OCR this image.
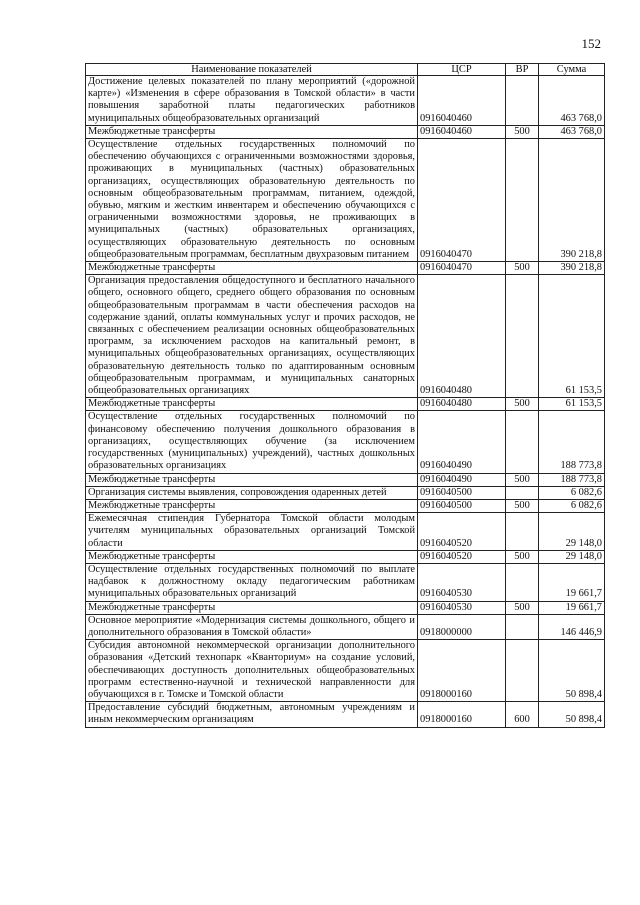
152
Наименование показателей	ЦСР	ВР	Сумма
Достижение целевых показателей по плану мероприятий («дорожной карте») «Изменения в сфере образования в Томской области» в части повышения заработной платы педагогических работников муниципальных общеобразовательных организаций	0916040460		463 768,0
Межбюджетные трансферты	0916040460	500	463 768,0
Осуществление отдельных государственных полномочий по обеспечению обучающихся с ограниченными возможностями здоровья, проживающих в муниципальных (частных) образовательных организациях, осуществляющих образовательную деятельность по основным общеобразовательным программам, питанием, одеждой, обувью, мягким и жестким инвентарем и обеспечению обучающихся с ограниченными возможностями здоровья, не проживающих в муниципальных (частных) образовательных организациях, осуществляющих образовательную деятельность по основным общеобразовательным программам, бесплатным двухразовым питанием	0916040470		390 218,8
Межбюджетные трансферты	0916040470	500	390 218,8
Организация предоставления общедоступного и бесплатного начального общего, основного общего, среднего общего образования по основным общеобразовательным программам в части обеспечения расходов на содержание зданий, оплаты коммунальных услуг и прочих расходов, не связанных с обеспечением реализации основных общеобразовательных программ, за исключением расходов на капитальный ремонт, в муниципальных общеобразовательных организациях, осуществляющих образовательную деятельность только по адаптированным основным общеобразовательным программам, и муниципальных санаторных общеобразовательных организациях	0916040480		61 153,5
Межбюджетные трансферты	0916040480	500	61 153,5
Осуществление отдельных государственных полномочий по финансовому обеспечению получения дошкольного образования в организациях, осуществляющих обучение (за исключением государственных (муниципальных) учреждений), частных дошкольных образовательных организациях	0916040490		188 773,8
Межбюджетные трансферты	0916040490	500	188 773,8
Организация системы выявления, сопровождения одаренных детей	0916040500		6 082,6
Межбюджетные трансферты	0916040500	500	6 082,6
Ежемесячная стипендия Губернатора Томской области молодым учителям муниципальных образовательных организаций Томской области	0916040520		29 148,0
Межбюджетные трансферты	0916040520	500	29 148,0
Осуществление отдельных государственных полномочий по выплате надбавок к должностному окладу педагогическим работникам муниципальных образовательных организаций	0916040530		19 661,7
Межбюджетные трансферты	0916040530	500	19 661,7
Основное мероприятие «Модернизация системы дошкольного, общего и дополнительного образования в Томской области»	0918000000		146 446,9
Субсидия автономной некоммерческой организации дополнительного образования «Детский технопарк «Кванториум» на создание условий, обеспечивающих доступность дополнительных общеобразовательных программ естественно-научной и технической направленности для обучающихся в г. Томске и Томской области	0918000160		50 898,4
Предоставление субсидий бюджетным, автономным учреждениям и иным некоммерческим организациям	0918000160	600	50 898,4
